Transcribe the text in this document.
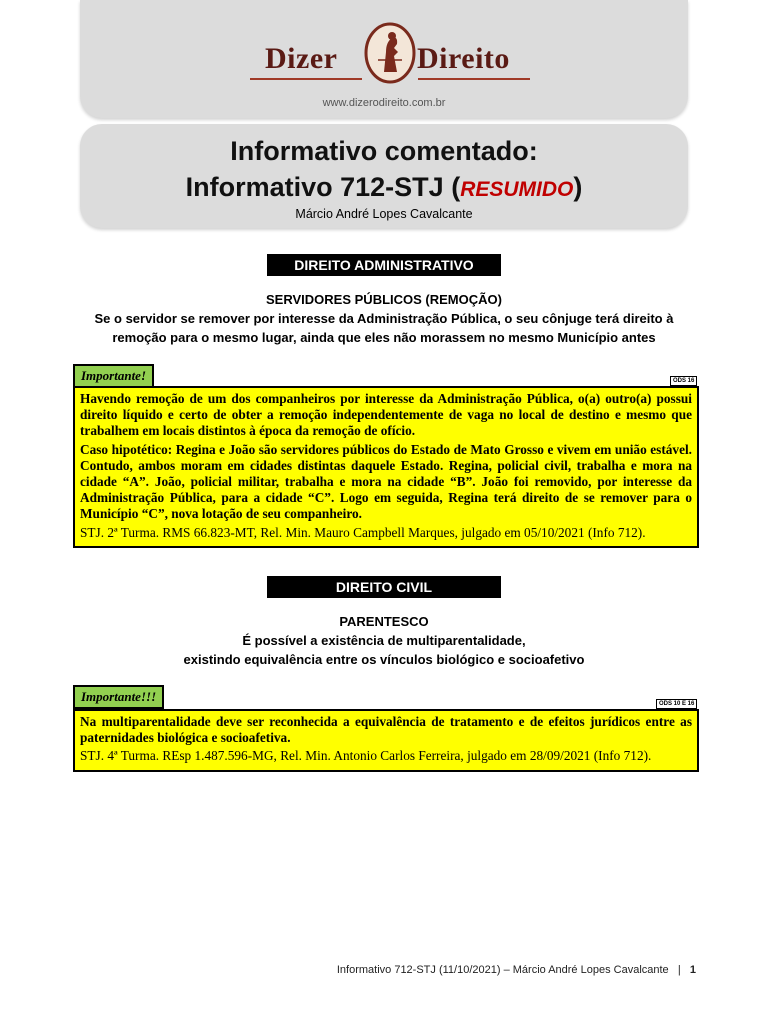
Dizer	Direito
www.dizerodireito.com.br
Informativo comentado:
Informativo 712-STJ (RESUMIDO)
Márcio André Lopes Cavalcante
DIREITO ADMINISTRATIVO
SERVIDORES PÚBLICOS (REMOÇÃO)
Se o servidor se remover por interesse da Administração Pública, o seu cônjuge terá direito à
remoção para o mesmo lugar, ainda que eles não morassem no mesmo Município antes
Importante!	ODS 16

Havendo remoção de um dos companheiros por interesse da Administração Pública, o(a) outro(a) possui direito líquido e certo de obter a remoção independentemente de vaga no local de destino e mesmo que trabalhem em locais distintos à época da remoção de ofício.

Caso hipotético: Regina e João são servidores públicos do Estado de Mato Grosso e vivem em união estável. Contudo, ambos moram em cidades distintas daquele Estado. Regina, policial civil, trabalha e mora na cidade “A”. João, policial militar, trabalha e mora na cidade “B”. João foi removido, por interesse da Administração Pública, para a cidade “C”. Logo em seguida, Regina terá direito de se remover para o Município “C”, nova lotação de seu companheiro.

STJ. 2ª Turma. RMS 66.823-MT, Rel. Min. Mauro Campbell Marques, julgado em 05/10/2021 (Info 712).

DIREITO CIVIL
PARENTESCO
É possível a existência de multiparentalidade,
existindo equivalência entre os vínculos biológico e socioafetivo
Importante!!!	ODS 10 E 16

Na multiparentalidade deve ser reconhecida a equivalência de tratamento e de efeitos jurídicos entre as paternidades biológica e socioafetiva.

STJ. 4ª Turma. REsp 1.487.596-MG, Rel. Min. Antonio Carlos Ferreira, julgado em 28/09/2021 (Info 712).

Informativo 712-STJ (11/10/2021) – Márcio André Lopes Cavalcante | 1
